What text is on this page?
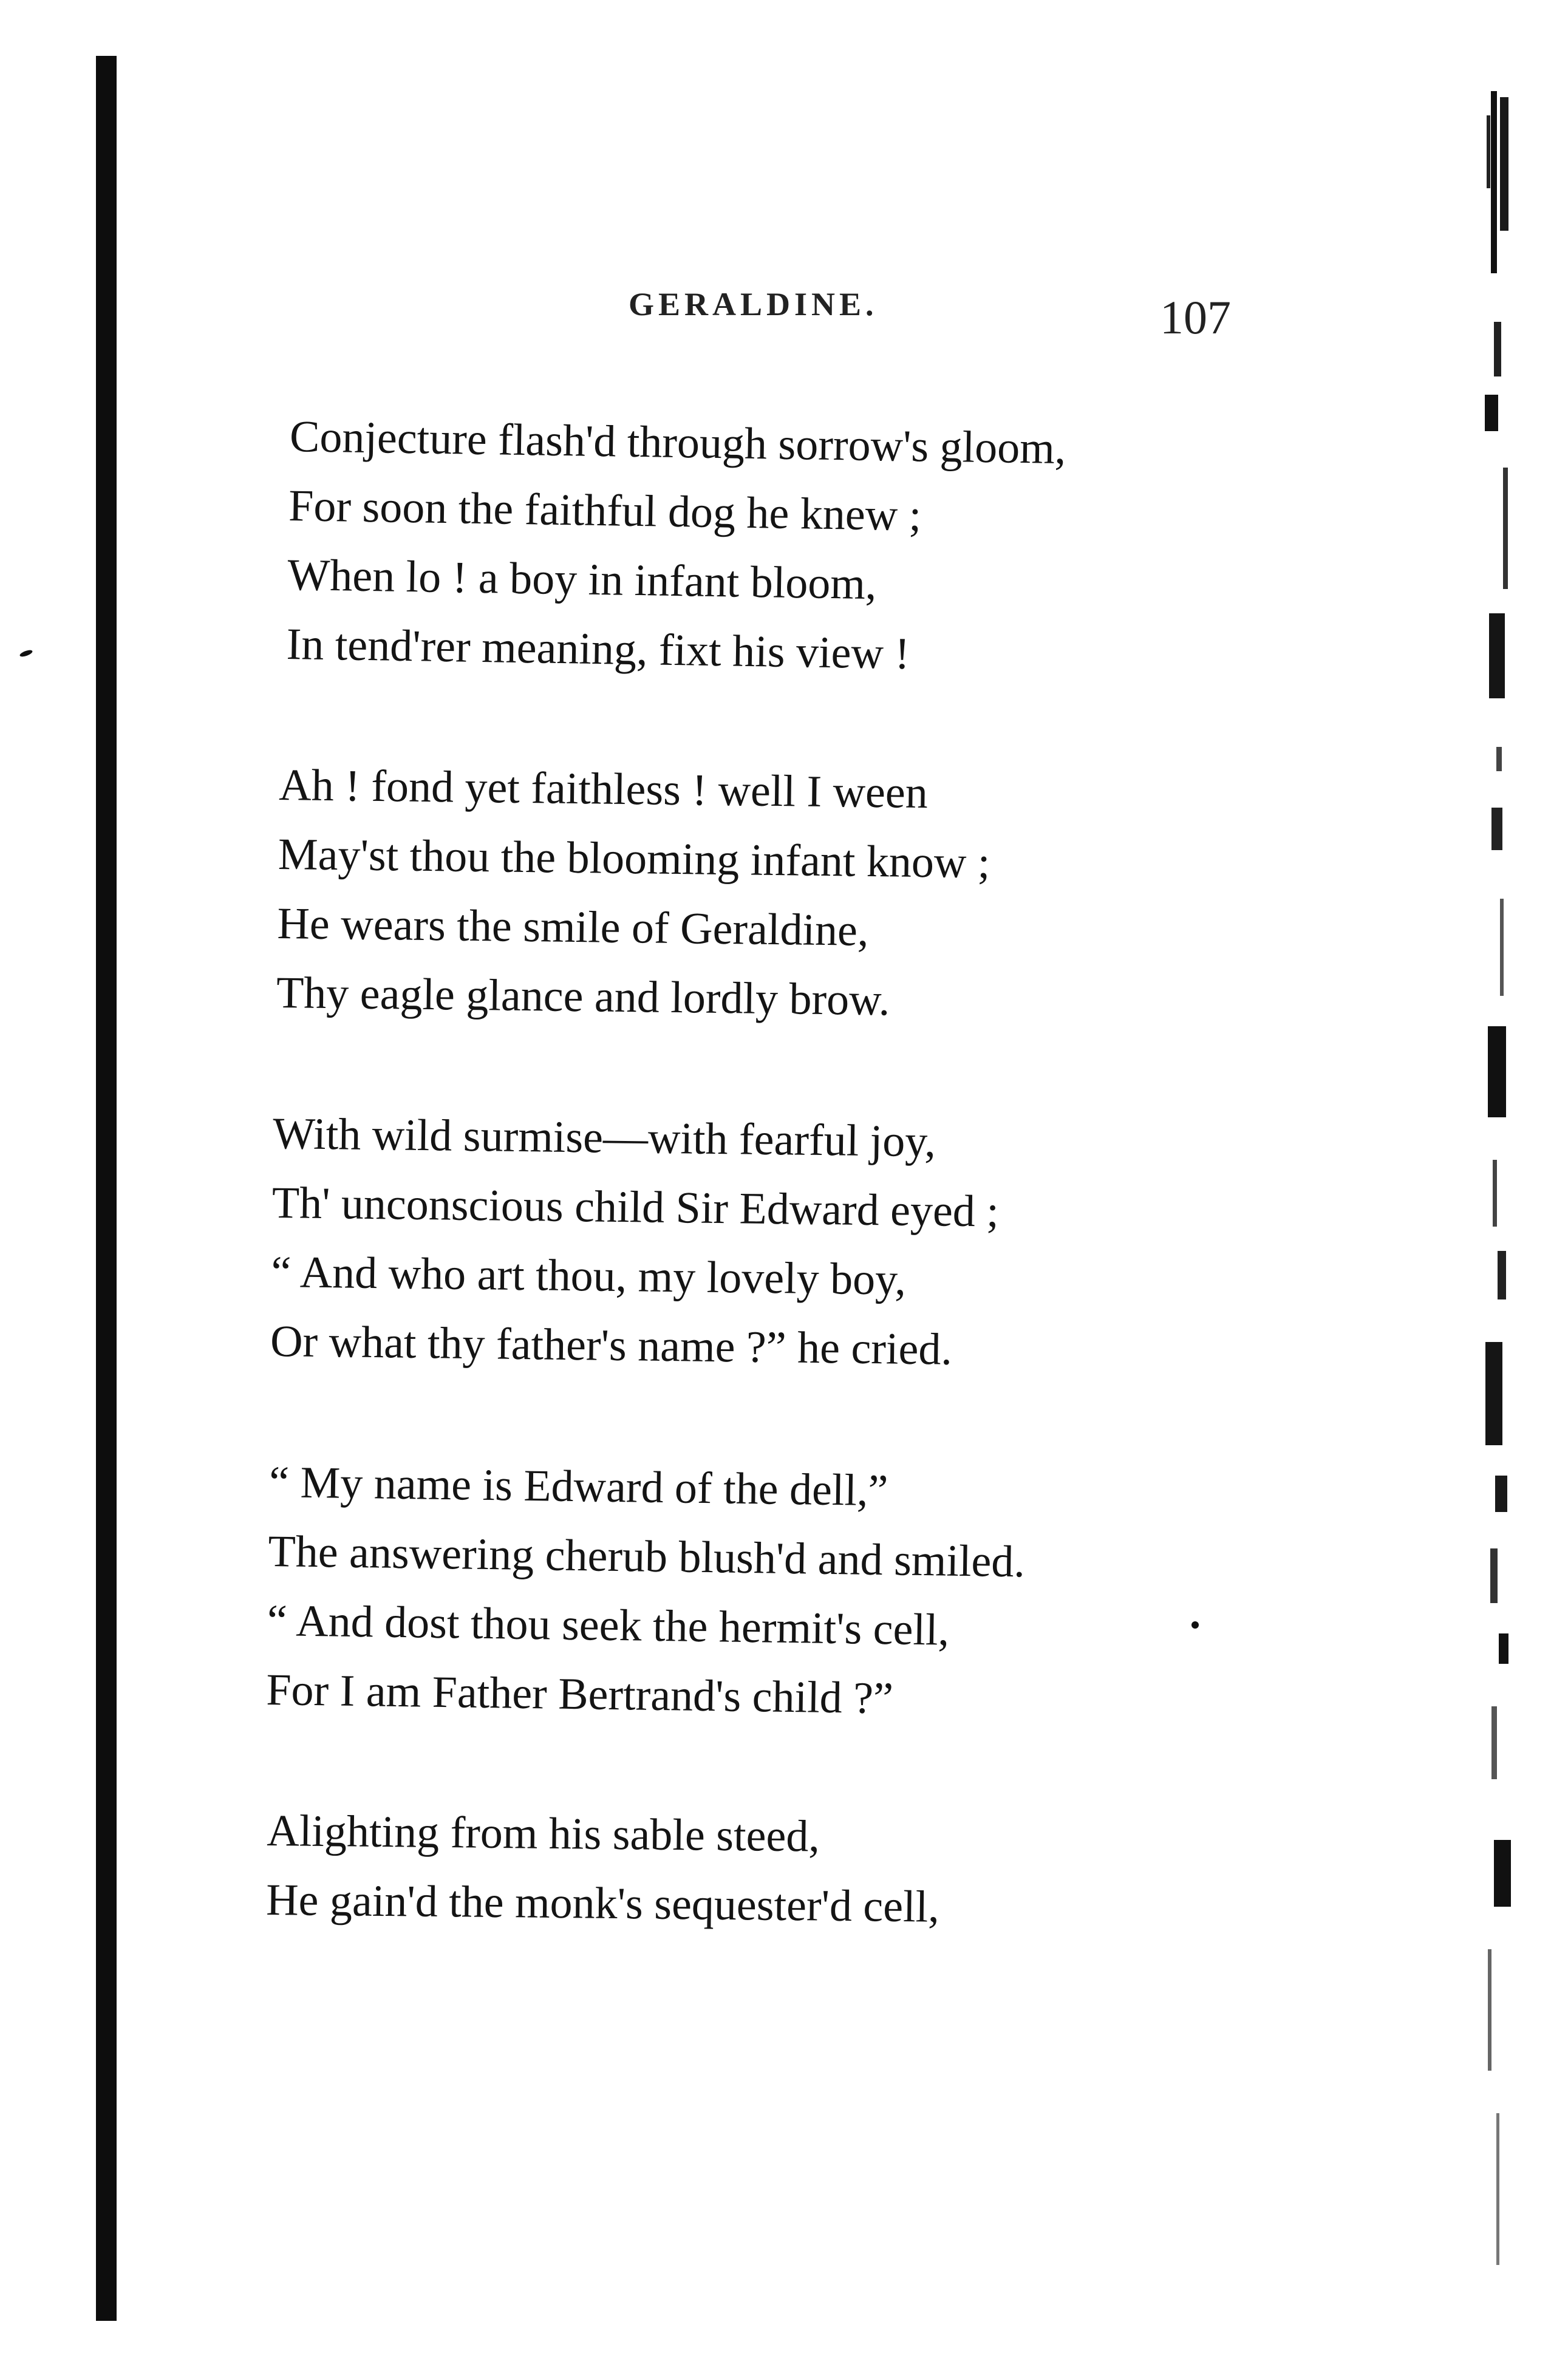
GERALDINE.	107
Conjecture flash'd through sorrow's gloom,
For soon the faithful dog he knew ;
When lo ! a boy in infant bloom,
In tend'rer meaning, fixt his view !
Ah ! fond yet faithless ! well I ween
May'st thou the blooming infant know ;
He wears the smile of Geraldine,
Thy eagle glance and lordly brow.
With wild surmise—with fearful joy,
Th' unconscious child Sir Edward eyed ;
“ And who art thou, my lovely boy,
Or what thy father's name ?” he cried.
“ My name is Edward of the dell,”
The answering cherub blush'd and smiled.
“ And dost thou seek the hermit's cell,
For I am Father Bertrand's child ?”
Alighting from his sable steed,
He gain'd the monk's sequester'd cell,
